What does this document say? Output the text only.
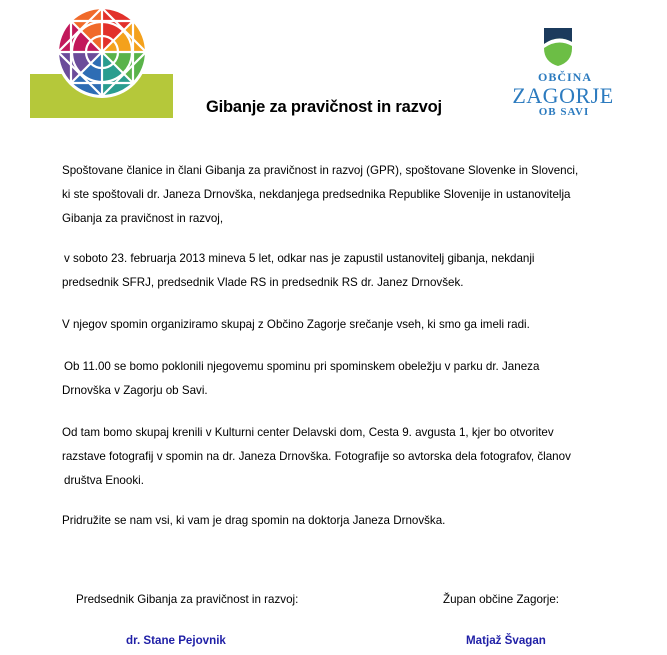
OBČINA
ZAGORJE
OB SAVI
Gibanje za pravičnost in razvoj
Spoštovane članice in člani Gibanja za pravičnost in razvoj (GPR), spoštovane Slovenke in Slovenci,
ki ste spoštovali dr. Janeza Drnovška, nekdanjega predsednika Republike Slovenije in ustanovitelja
Gibanja za pravičnost in razvoj,
v soboto 23. februarja 2013 mineva 5 let, odkar nas je zapustil ustanovitelj gibanja, nekdanji
predsednik SFRJ, predsednik Vlade RS in predsednik RS dr. Janez Drnovšek.
V njegov spomin organiziramo skupaj z Občino Zagorje srečanje vseh, ki smo ga imeli radi.
Ob 11.00 se bomo poklonili njegovemu spominu pri spominskem obeležju v parku dr. Janeza
Drnovška v Zagorju ob Savi.
Od tam bomo skupaj krenili v Kulturni center Delavski dom, Cesta 9. avgusta 1, kjer bo otvoritev
razstave fotografij v spomin na dr. Janeza Drnovška. Fotografije so avtorska dela fotografov, članov
društva Enooki.
Pridružite se nam vsi, ki vam je drag spomin na doktorja Janeza Drnovška.
Predsednik Gibanja za pravičnost in razvoj:
dr. Stane Pejovnik
Župan občine Zagorje:
Matjaž Švagan
